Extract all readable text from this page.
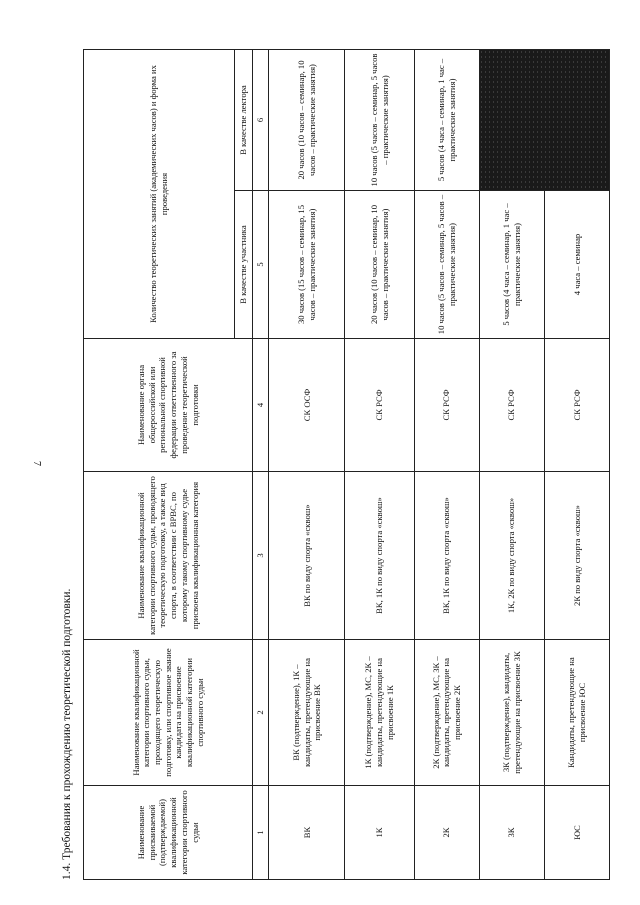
7
1.4. Требования к прохождению теоретической подготовки.	Наименование присваиваемой (подтверждаемой) квалификационной категории спортивного судьи	Наименование квалификационной категории спортивного судьи, проходящего теоретическую подготовку, или спортивное звание кандидата на присвоение квалификационной категории спортивного судьи	Наименование квалификационной категории спортивного судьи, проводящего теоретическую подготовку, а также вид спорта, в соответствии с ВРВС, по которому такому спортивному судье присвоена квалификационная категория	Наименование органа общероссийской или региональной спортивной федерации ответственного за проведение теоретической подготовки	Количество теоретических занятий (академических часов) и форма их проведения	
				В качестве участника	В качестве лектора
1	2	3	4	5	6
ВК	ВК (подтверждение), 1К – кандидаты, претендующие на присвоение ВК	ВК по виду спорта «сквош»	СК ОСФ	30 часов (15 часов – семинар, 15 часов – практические занятия)	20 часов (10 часов – семинар, 10 часов – практические занятия)
1К	1К (подтверждение), МС, 2К – кандидаты, претендующие на присвоение 1К	ВК, 1К по виду спорта «сквош»	СК РСФ	20 часов (10 часов – семинар, 10 часов – практические занятия)	10 часов (5 часов – семинар, 5 часов – практические занятия)
2К	2К (подтверждение), МС, 3К – кандидаты, претендующие на присвоение 2К	ВК, 1К по виду спорта «сквош»	СК РСФ	10 часов (5 часов – семинар, 5 часов – практические занятия)	5 часов (4 часа – семинар, 1 час – практические занятия)
3К	3К (подтверждение), кандидаты, претендующие на присвоение 3К	1К, 2К по виду спорта «сквош»	СК РСФ	5 часов (4 часа – семинар, 1 час – практические занятия)	
ЮС	Кандидаты, претендующие на присвоение ЮС	2К по виду спорта «сквош»	СК РСФ	4 часа – семинар	
